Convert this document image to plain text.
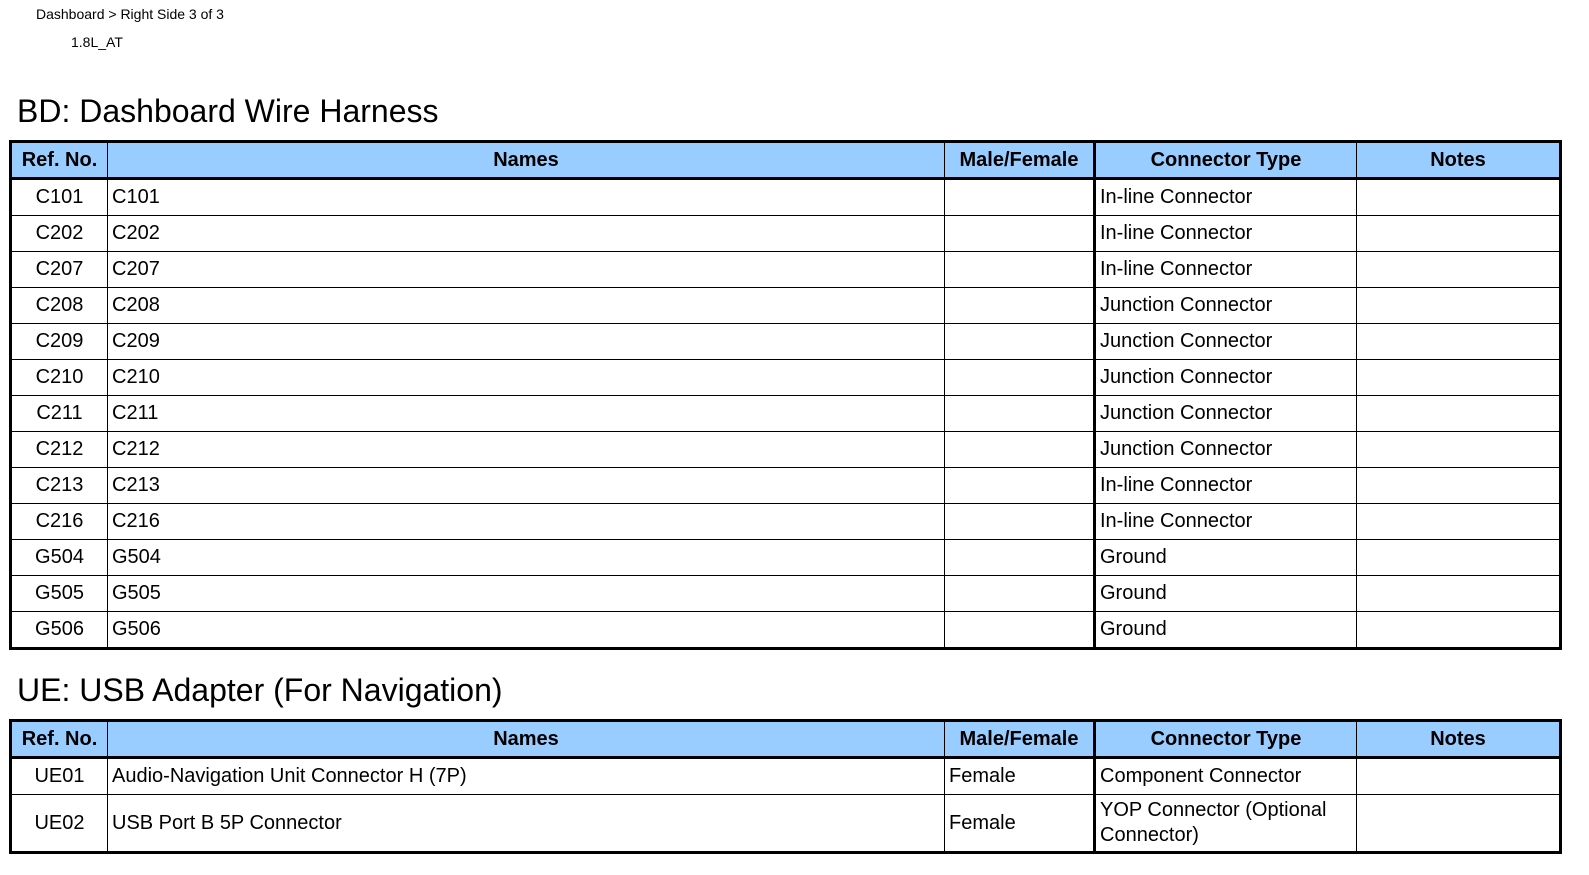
Dashboard > Right Side 3 of 3
1.8L_AT
BD: Dashboard Wire Harness
Ref. No.	Names	Male/Female	Connector Type	Notes
C101	C101		In-line Connector	
C202	C202		In-line Connector	
C207	C207		In-line Connector	
C208	C208		Junction Connector	
C209	C209		Junction Connector	
C210	C210		Junction Connector	
C211	C211		Junction Connector	
C212	C212		Junction Connector	
C213	C213		In-line Connector	
C216	C216		In-line Connector	
G504	G504		Ground	
G505	G505		Ground	
G506	G506		Ground	
UE: USB Adapter (For Navigation)
Ref. No.	Names	Male/Female	Connector Type	Notes
UE01	Audio-Navigation Unit Connector H (7P)	Female	Component Connector	
UE02	USB Port B 5P Connector	Female	YOP Connector (Optional Connector)	
